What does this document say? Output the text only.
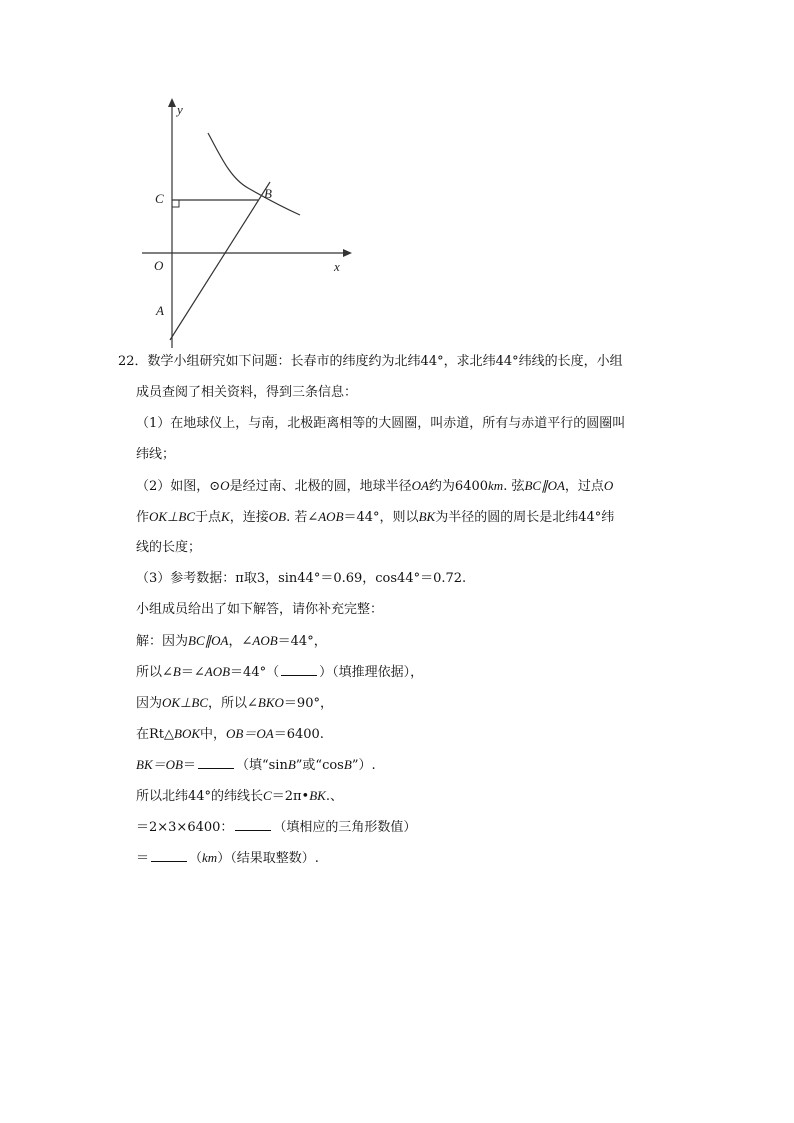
y
x
C	B
O
A
22．数学小组研究如下问题：长春市的纬度约为北纬44°，求北纬44°纬线的长度，小组
成员查阅了相关资料，得到三条信息：
（1）在地球仪上，与南，北极距离相等的大圆圈，叫赤道，所有与赤道平行的圆圈叫
纬线；
（2）如图，⊙O是经过南、北极的圆，地球半径OA约为6400km. 弦BC∥OA，过点O
作OK⊥BC于点K，连接OB. 若∠AOB＝44°，则以BK为半径的圆的周长是北纬44°纬
线的长度；
（3）参考数据：π取3，sin44°＝0.69，cos44°＝0.72.
小组成员给出了如下解答，请你补充完整：
解：因为BC∥OA，∠AOB＝44°，
所以∠B＝∠AOB＝44°（	）（填推理依据），
因为OK⊥BC，所以∠BKO＝90°，
在Rt△BOK中，OB＝OA＝6400.
BK＝OB＝	（填“sinB”或“cosB”）.
所以北纬44°的纬线长C＝2π•BK.、
＝2×3×6400：	（填相应的三角形数值）
＝	（km）（结果取整数）.
